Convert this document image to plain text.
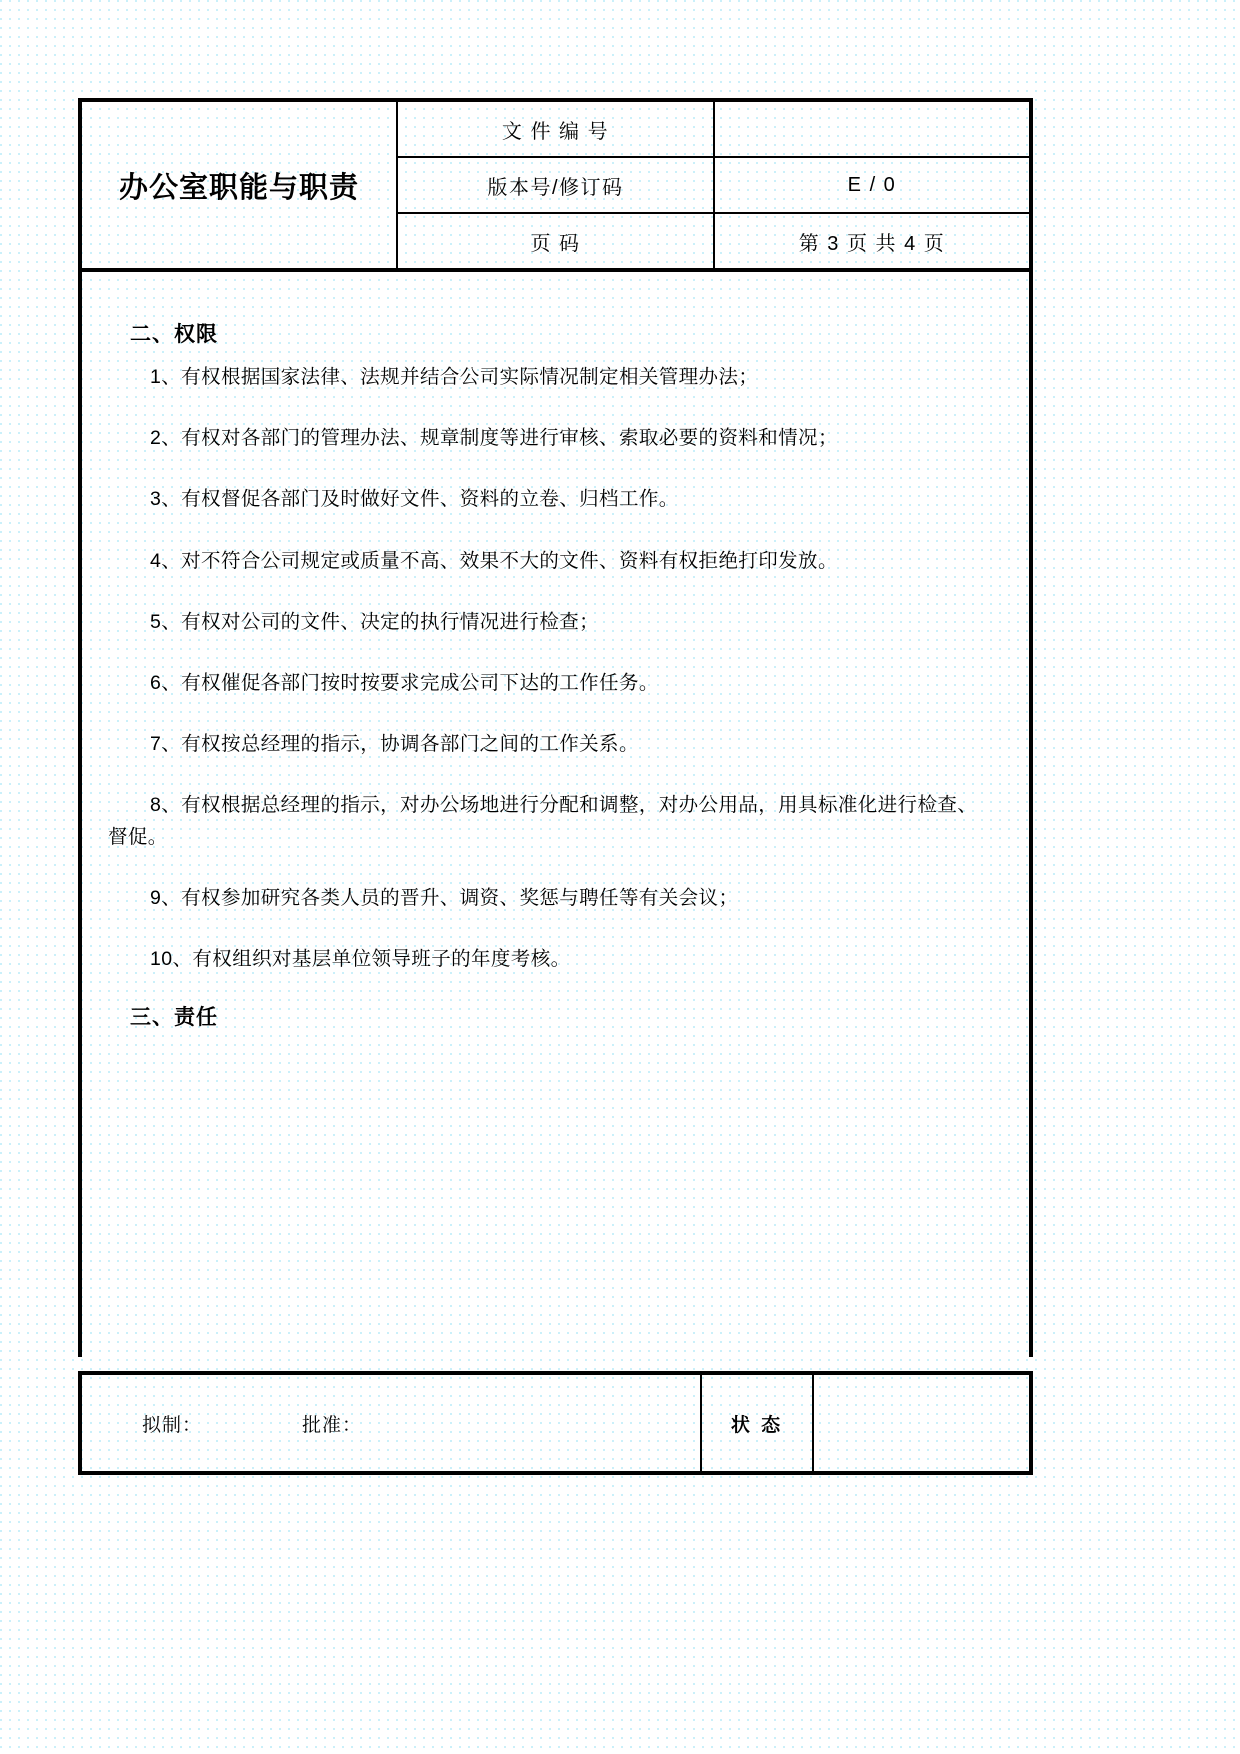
办公室职能与职责	文 件 编 号	
	版本号/修订码	E / 0
	页 码	第 3 页 共 4 页
二、权限

1、有权根据国家法律、法规并结合公司实际情况制定相关管理办法；

2、有权对各部门的管理办法、规章制度等进行审核、索取必要的资料和情况；

3、有权督促各部门及时做好文件、资料的立卷、归档工作。

4、对不符合公司规定或质量不高、效果不大的文件、资料有权拒绝打印发放。

5、有权对公司的文件、决定的执行情况进行检查；

6、有权催促各部门按时按要求完成公司下达的工作任务。

7、有权按总经理的指示，协调各部门之间的工作关系。

8、有权根据总经理的指示，对办公场地进行分配和调整，对办公用品，用具标准化进行检查、督促。

9、有权参加研究各类人员的晋升、调资、奖惩与聘任等有关会议；

10、有权组织对基层单位领导班子的年度考核。

三、责任
拟制：	批准：	状 态	
